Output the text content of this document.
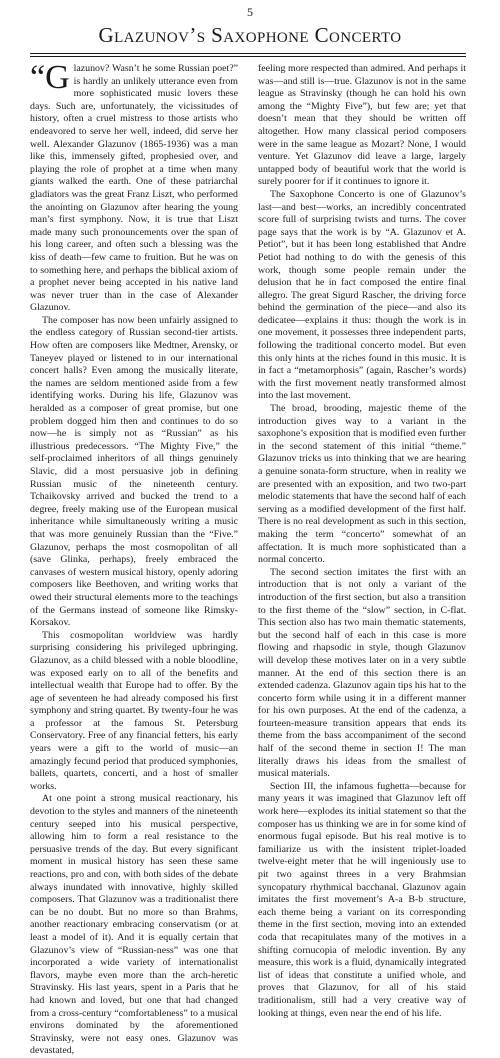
5
Glazunov’s Saxophone Concerto

“Glazunov? Wasn’t he some Russian poet?” is hardly an unlikely utterance even from more sophisticated music lovers these days. Such are, unfortunately, the vicissitudes of history, often a cruel mistress to those artists who endeavored to serve her well, indeed, did serve her well. Alexander Glazunov (1865-1936) was a man like this, immensely gifted, prophesied over, and playing the role of prophet at a time when many giants walked the earth. One of these patriarchal gladiators was the great Franz Liszt, who performed the anointing on Glazunov after hearing the young man’s first symphony. Now, it is true that Liszt made many such pronouncements over the span of his long career, and often such a blessing was the kiss of death—few came to fruition. But he was on to something here, and perhaps the biblical axiom of a prophet never being accepted in his native land was never truer than in the case of Alexander Glazunov.

The composer has now been unfairly assigned to the endless category of Russian second-tier artists. How often are composers like Medtner, Arensky, or Taneyev played or listened to in our international concert halls? Even among the musically literate, the names are seldom mentioned aside from a few identifying works. During his life, Glazunov was heralded as a composer of great promise, but one problem dogged him then and continues to do so now—he is simply not as “Russian” as his illustrious predecessors. “The Mighty Five,” the self-proclaimed inheritors of all things genuinely Slavic, did a most persuasive job in defining Russian music of the nineteenth century. Tchaikovsky arrived and bucked the trend to a degree, freely making use of the European musical inheritance while simultaneously writing a music that was more genuinely Russian than the “Five.” Glazunov, perhaps the most cosmopolitan of all (save Glinka, perhaps), freely embraced the canvases of western musical history, openly adoring composers like Beethoven, and writing works that owed their structural elements more to the teachings of the Germans instead of someone like Rimsky-Korsakov.

This cosmopolitan worldview was hardly surprising considering his privileged upbringing. Glazunov, as a child blessed with a noble bloodline, was exposed early on to all of the benefits and intellectual wealth that Europe had to offer. By the age of seventeen he had already composed his first symphony and string quartet. By twenty-four he was a professor at the famous St. Petersburg Conservatory. Free of any financial fetters, his early years were a gift to the world of music—an amazingly fecund period that produced symphonies, ballets, quartets, concerti, and a host of smaller works.

At one point a strong musical reactionary, his devotion to the styles and manners of the nineteenth century seeped into his musical perspective, allowing him to form a real resistance to the persuasive trends of the day. But every significant moment in musical history has seen these same reactions, pro and con, with both sides of the debate always inundated with innovative, highly skilled composers. That Glazunov was a traditionalist there can be no doubt. But no more so than Brahms, another reactionary embracing conservatism (or at least a model of it). And it is equally certain that Glazunov’s view of “Russian-ness” was one that incorporated a wide variety of internationalist flavors, maybe even more than the arch-heretic Stravinsky. His last years, spent in a Paris that he had known and loved, but one that had changed from a cross-century “comfortableness” to a musical environs dominated by the aforementioned Stravinsky, were not easy ones. Glazunov was devastated,

feeling more respected than admired. And perhaps it was—and still is—true. Glazunov is not in the same league as Stravinsky (though he can hold his own among the “Mighty Five”), but few are; yet that doesn’t mean that they should be written off altogether. How many classical period composers were in the same league as Mozart? None, I would venture. Yet Glazunov did leave a large, largely untapped body of beautiful work that the world is surely poorer for if it continues to ignore it.

The Saxophone Concerto is one of Glazunov’s last—and best—works, an incredibly concentrated score full of surprising twists and turns. The cover page says that the work is by “A. Glazunov et A. Petiot”, but it has been long established that Andre Petiot had nothing to do with the genesis of this work, though some people remain under the delusion that he in fact composed the entire final allegro. The great Sigurd Rascher, the driving force behind the germination of the piece—and also its dedicatee—explains it thus: though the work is in one movement, it possesses three independent parts, following the traditional concerto model. But even this only hints at the riches found in this music. It is in fact a “metamorphosis” (again, Rascher’s words) with the first movement neatly transformed almost into the last movement.

The broad, brooding, majestic theme of the introduction gives way to a variant in the saxophone’s exposition that is modified even further in the second statement of this initial “theme.” Glazunov tricks us into thinking that we are hearing a genuine sonata-form structure, when in reality we are presented with an exposition, and two two-part melodic statements that have the second half of each serving as a modified development of the first half. There is no real development as such in this section, making the term “concerto” somewhat of an affectation. It is much more sophisticated than a normal concerto.

The second section imitates the first with an introduction that is not only a variant of the introduction of the first section, but also a transition to the first theme of the “slow” section, in C-flat. This section also has two main thematic statements, but the second half of each in this case is more flowing and rhapsodic in style, though Glazunov will develop these motives later on in a very subtle manner. At the end of this section there is an extended cadenza. Glazunov again tips his hat to the concerto form while using it in a different manner for his own purposes. At the end of the cadenza, a fourteen-measure transition appears that ends its theme from the bass accompaniment of the second half of the second theme in section I! The man literally draws his ideas from the smallest of musical materials.

Section III, the infamous fughetta—because for many years it was imagined that Glazunov left off work here—explodes its initial statement so that the composer has us thinking we are in for some kind of enormous fugal episode. But his real motive is to familiarize us with the insistent triplet-loaded twelve-eight meter that he will ingeniously use to pit two against threes in a very Brahmsian syncopatury rhythmical bacchanal. Glazunov again imitates the first movement’s A-a B-b structure, each theme being a variant on its corresponding theme in the first section, moving into an extended coda that recapitulates many of the motives in a shifting cornucopia of melodic invention. By any measure, this work is a fluid, dynamically integrated list of ideas that constitute a unified whole, and proves that Glazunov, for all of his staid traditionalism, still had a very creative way of looking at things, even near the end of his life.
